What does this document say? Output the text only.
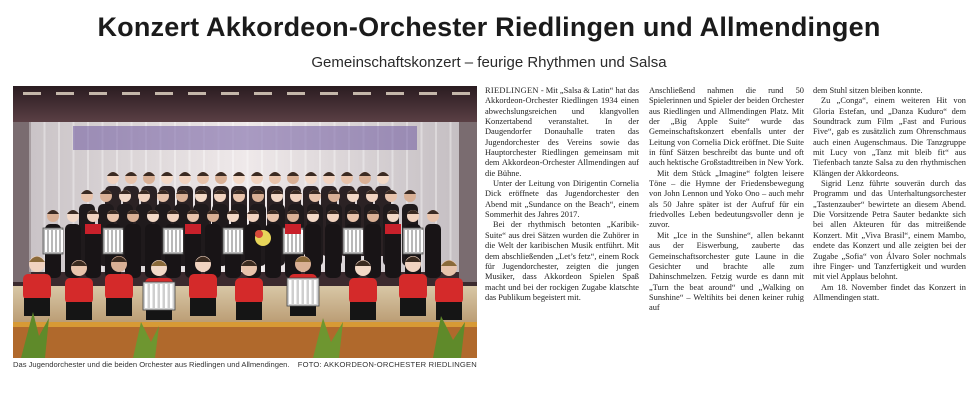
Konzert Akkordeon-Orchester Riedlingen und Allmendingen
Gemeinschaftskonzert – feurige Rhythmen und Salsa
Das Jugendorchester und die beiden Orchester aus Riedlingen und Allmendingen. FOTO: AKKORDEON-ORCHESTER RIEDLINGEN

RIEDLINGEN - Mit „Salsa & Latin“ hat das Akkordeon-Orchester Riedlingen 1934 einen abwechslungsreichen und klangvollen Konzertabend veranstaltet. In der Daugendorfer Donauhalle traten das Jugendorchester des Vereins sowie das Hauptorchester Riedlingen gemeinsam mit dem Akkordeon-Orchester Allmendingen auf die Bühne.

Unter der Leitung von Dirigentin Cornelia Dick eröffnete das Jugendorchester den Abend mit „Sundance on the Beach“, einem Sommerhit des Jahres 2017.

Bei der rhythmisch betonten „Karibik-Suite“ aus drei Sätzen wurden die Zuhörer in die Welt der karibischen Musik entführt. Mit dem abschließenden „Let’s fetz“, einem Rock für Jugendorchester, zeigten die jungen Musiker, dass Akkordeon Spielen Spaß macht und bei der rockigen Zugabe klatschte das Publikum begeistert mit.

Anschließend nahmen die rund 50 Spielerinnen und Spieler der beiden Orchester aus Riedlingen und Allmendingen Platz. Mit der „Big Apple Suite“ wurde das Gemeinschaftskonzert ebenfalls unter der Leitung von Cornelia Dick eröffnet. Die Suite in fünf Sätzen beschreibt das bunte und oft auch hektische Großstadttreiben in New York.

Mit dem Stück „Imagine“ folgten leisere Töne – die Hymne der Friedensbewegung von John Lennon und Yoko Ono – auch mehr als 50 Jahre später ist der Aufruf für ein friedvolles Leben bedeutungsvoller denn je zuvor.

Mit „Ice in the Sunshine“, allen bekannt aus der Eiswerbung, zauberte das Gemeinschaftsorchester gute Laune in die Gesichter und brachte alle zum Dahinschmelzen. Fetzig wurde es dann mit „Turn the beat around“ und „Walking on Sunshine“ – Weltihits bei denen keiner ruhig auf

dem Stuhl sitzen bleiben konnte.

Zu „Conga“, einem weiteren Hit von Gloria Estefan, und „Danza Kuduro“ dem Soundtrack zum Film „Fast and Furious Five“, gab es zusätzlich zum Ohrenschmaus auch einen Augenschmaus. Die Tanzgruppe mit Lucy von „Tanz mit bleib fit“ aus Tiefenbach tanzte Salsa zu den rhythmischen Klängen der Akkordeons.

Sigrid Lenz führte souverän durch das Programm und das Unterhaltungsorchester „Tastenzauber“ bewirtete an diesem Abend. Die Vorsitzende Petra Sauter bedankte sich bei allen Akteuren für das mitreißende Konzert. Mit „Viva Brasil“, einem Mambo, endete das Konzert und alle zeigten bei der Zugabe „Sofia“ von Álvaro Soler nochmals ihre Finger- und Tanzfertigkeit und wurden mit viel Applaus belohnt.

Am 18. November findet das Konzert in Allmendingen statt.
